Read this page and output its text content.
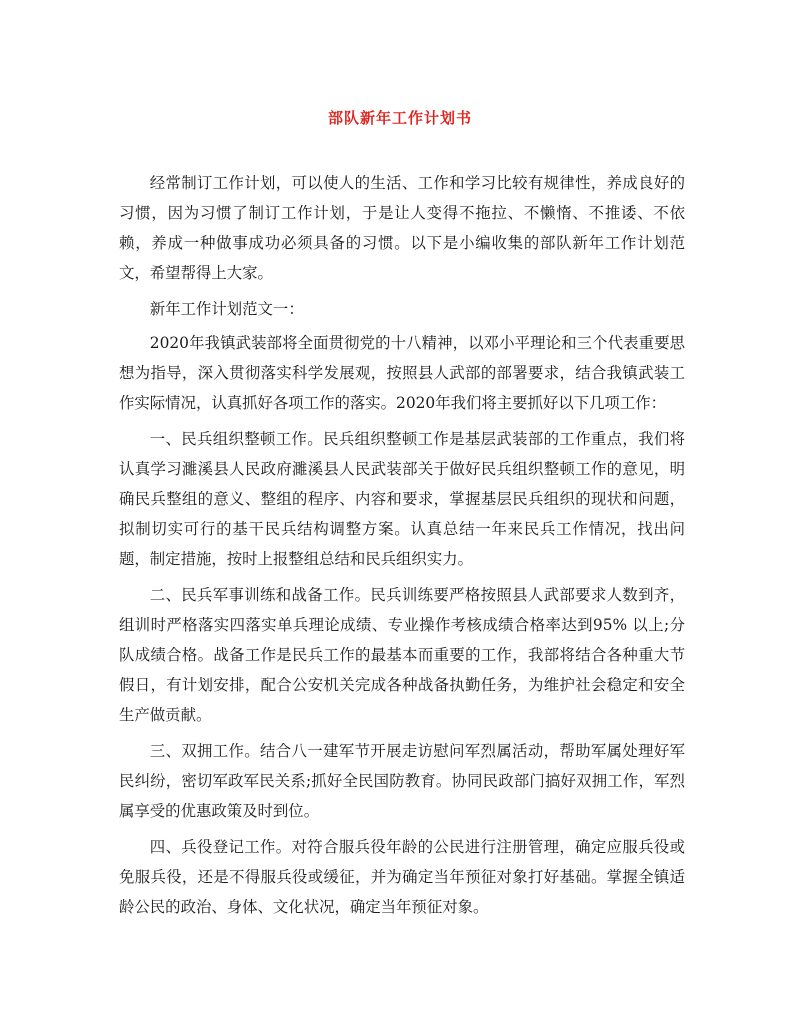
部队新年工作计划书

经常制订工作计划，可以使人的生活、工作和学习比较有规律性，养成良好的习惯，因为习惯了制订工作计划，于是让人变得不拖拉、不懒惰、不推诿、不依赖，养成一种做事成功必须具备的习惯。以下是小编收集的部队新年工作计划范文，希望帮得上大家。

新年工作计划范文一：

2020年我镇武装部将全面贯彻党的十八精神，以邓小平理论和三个代表重要思想为指导，深入贯彻落实科学发展观，按照县人武部的部署要求，结合我镇武装工作实际情况，认真抓好各项工作的落实。2020年我们将主要抓好以下几项工作：

一、民兵组织整顿工作。民兵组织整顿工作是基层武装部的工作重点，我们将认真学习濉溪县人民政府濉溪县人民武装部关于做好民兵组织整顿工作的意见，明确民兵整组的意义、整组的程序、内容和要求，掌握基层民兵组织的现状和问题，拟制切实可行的基干民兵结构调整方案。认真总结一年来民兵工作情况，找出问题，制定措施，按时上报整组总结和民兵组织实力。

二、民兵军事训练和战备工作。民兵训练要严格按照县人武部要求人数到齐，组训时严格落实四落实单兵理论成绩、专业操作考核成绩合格率达到95% 以上;分队成绩合格。战备工作是民兵工作的最基本而重要的工作，我部将结合各种重大节假日，有计划安排，配合公安机关完成各种战备执勤任务，为维护社会稳定和安全生产做贡献。

三、双拥工作。结合八一建军节开展走访慰问军烈属活动，帮助军属处理好军民纠纷，密切军政军民关系;抓好全民国防教育。协同民政部门搞好双拥工作，军烈属享受的优惠政策及时到位。

四、兵役登记工作。对符合服兵役年龄的公民进行注册管理，确定应服兵役或免服兵役，还是不得服兵役或缓征，并为确定当年预征对象打好基础。掌握全镇适龄公民的政治、身体、文化状况，确定当年预征对象。
